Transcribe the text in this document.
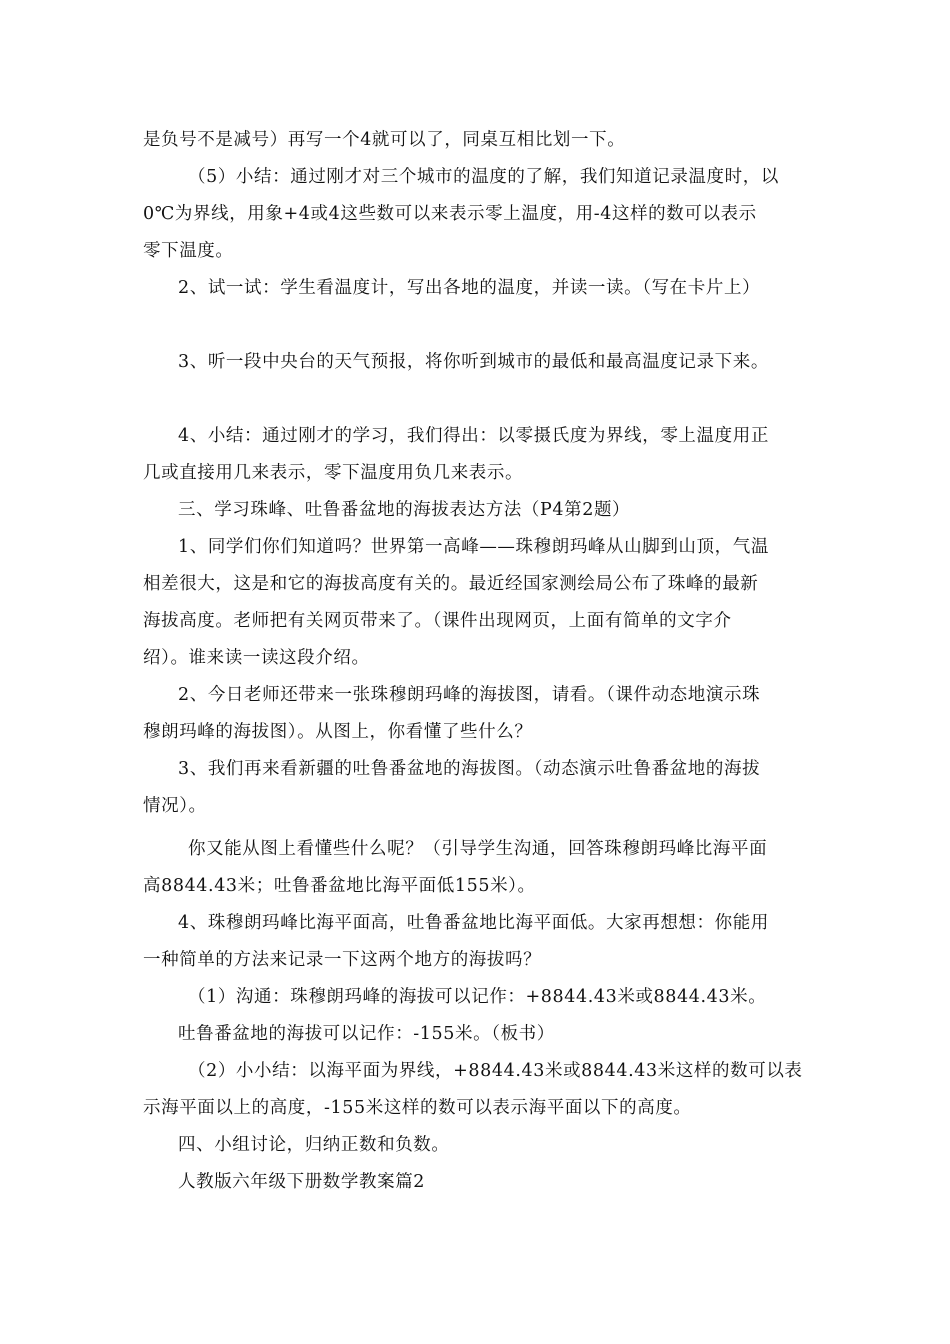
是负号不是减号）再写一个4就可以了，同桌互相比划一下。
（5）小结：通过刚才对三个城市的温度的了解，我们知道记录温度时，以
0℃为界线，用象+4或4这些数可以来表示零上温度，用-4这样的数可以表示
零下温度。
2、试一试：学生看温度计，写出各地的温度，并读一读。（写在卡片上）
3、听一段中央台的天气预报，将你听到城市的最低和最高温度记录下来。
4、小结：通过刚才的学习，我们得出：以零摄氏度为界线，零上温度用正
几或直接用几来表示，零下温度用负几来表示。
三、学习珠峰、吐鲁番盆地的海拔表达方法（P4第2题）
1、同学们你们知道吗？世界第一高峰——珠穆朗玛峰从山脚到山顶，气温
相差很大，这是和它的海拔高度有关的。最近经国家测绘局公布了珠峰的最新
海拔高度。老师把有关网页带来了。（课件出现网页，上面有简单的文字介
绍）。谁来读一读这段介绍。
2、今日老师还带来一张珠穆朗玛峰的海拔图，请看。（课件动态地演示珠
穆朗玛峰的海拔图）。从图上，你看懂了些什么？
3、我们再来看新疆的吐鲁番盆地的海拔图。（动态演示吐鲁番盆地的海拔
情况）。
你又能从图上看懂些什么呢？（引导学生沟通，回答珠穆朗玛峰比海平面
高8844.43米；吐鲁番盆地比海平面低155米）。
4、珠穆朗玛峰比海平面高，吐鲁番盆地比海平面低。大家再想想：你能用
一种简单的方法来记录一下这两个地方的海拔吗？
（1）沟通：珠穆朗玛峰的海拔可以记作：+8844.43米或8844.43米。
吐鲁番盆地的海拔可以记作：-155米。（板书）
（2）小小结：以海平面为界线，+8844.43米或8844.43米这样的数可以表
示海平面以上的高度，-155米这样的数可以表示海平面以下的高度。
四、小组讨论，归纳正数和负数。
人教版六年级下册数学教案篇2
